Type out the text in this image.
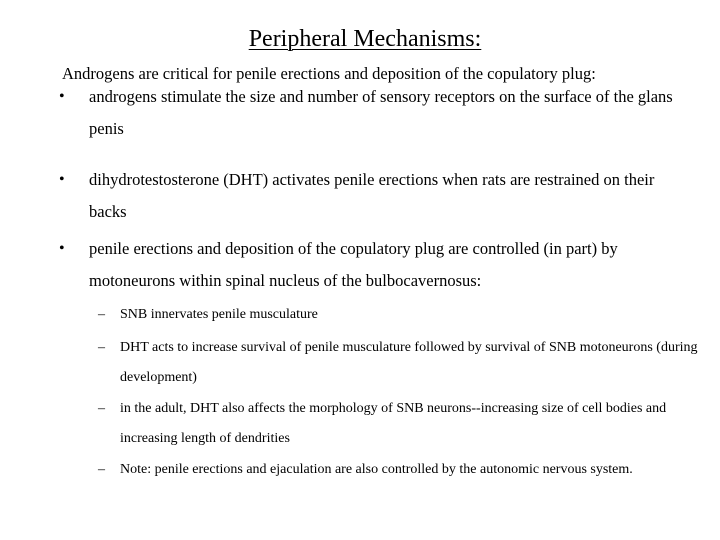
Peripheral Mechanisms:
Androgens are critical for penile erections and deposition of the copulatory plug:
• androgens stimulate the size and number of sensory receptors on the surface of the glans penis
• dihydrotestosterone (DHT) activates penile erections when rats are restrained on their backs
• penile erections and deposition of the copulatory plug are controlled (in part) by motoneurons within spinal nucleus of the bulbocavernosus:
– SNB innervates penile musculature
– DHT acts to increase survival of penile musculature followed by survival of SNB motoneurons (during development)
– in the adult, DHT also affects the morphology of SNB neurons--increasing size of cell bodies and increasing length of dendrities
– Note: penile erections and ejaculation are also controlled by the autonomic nervous system.
